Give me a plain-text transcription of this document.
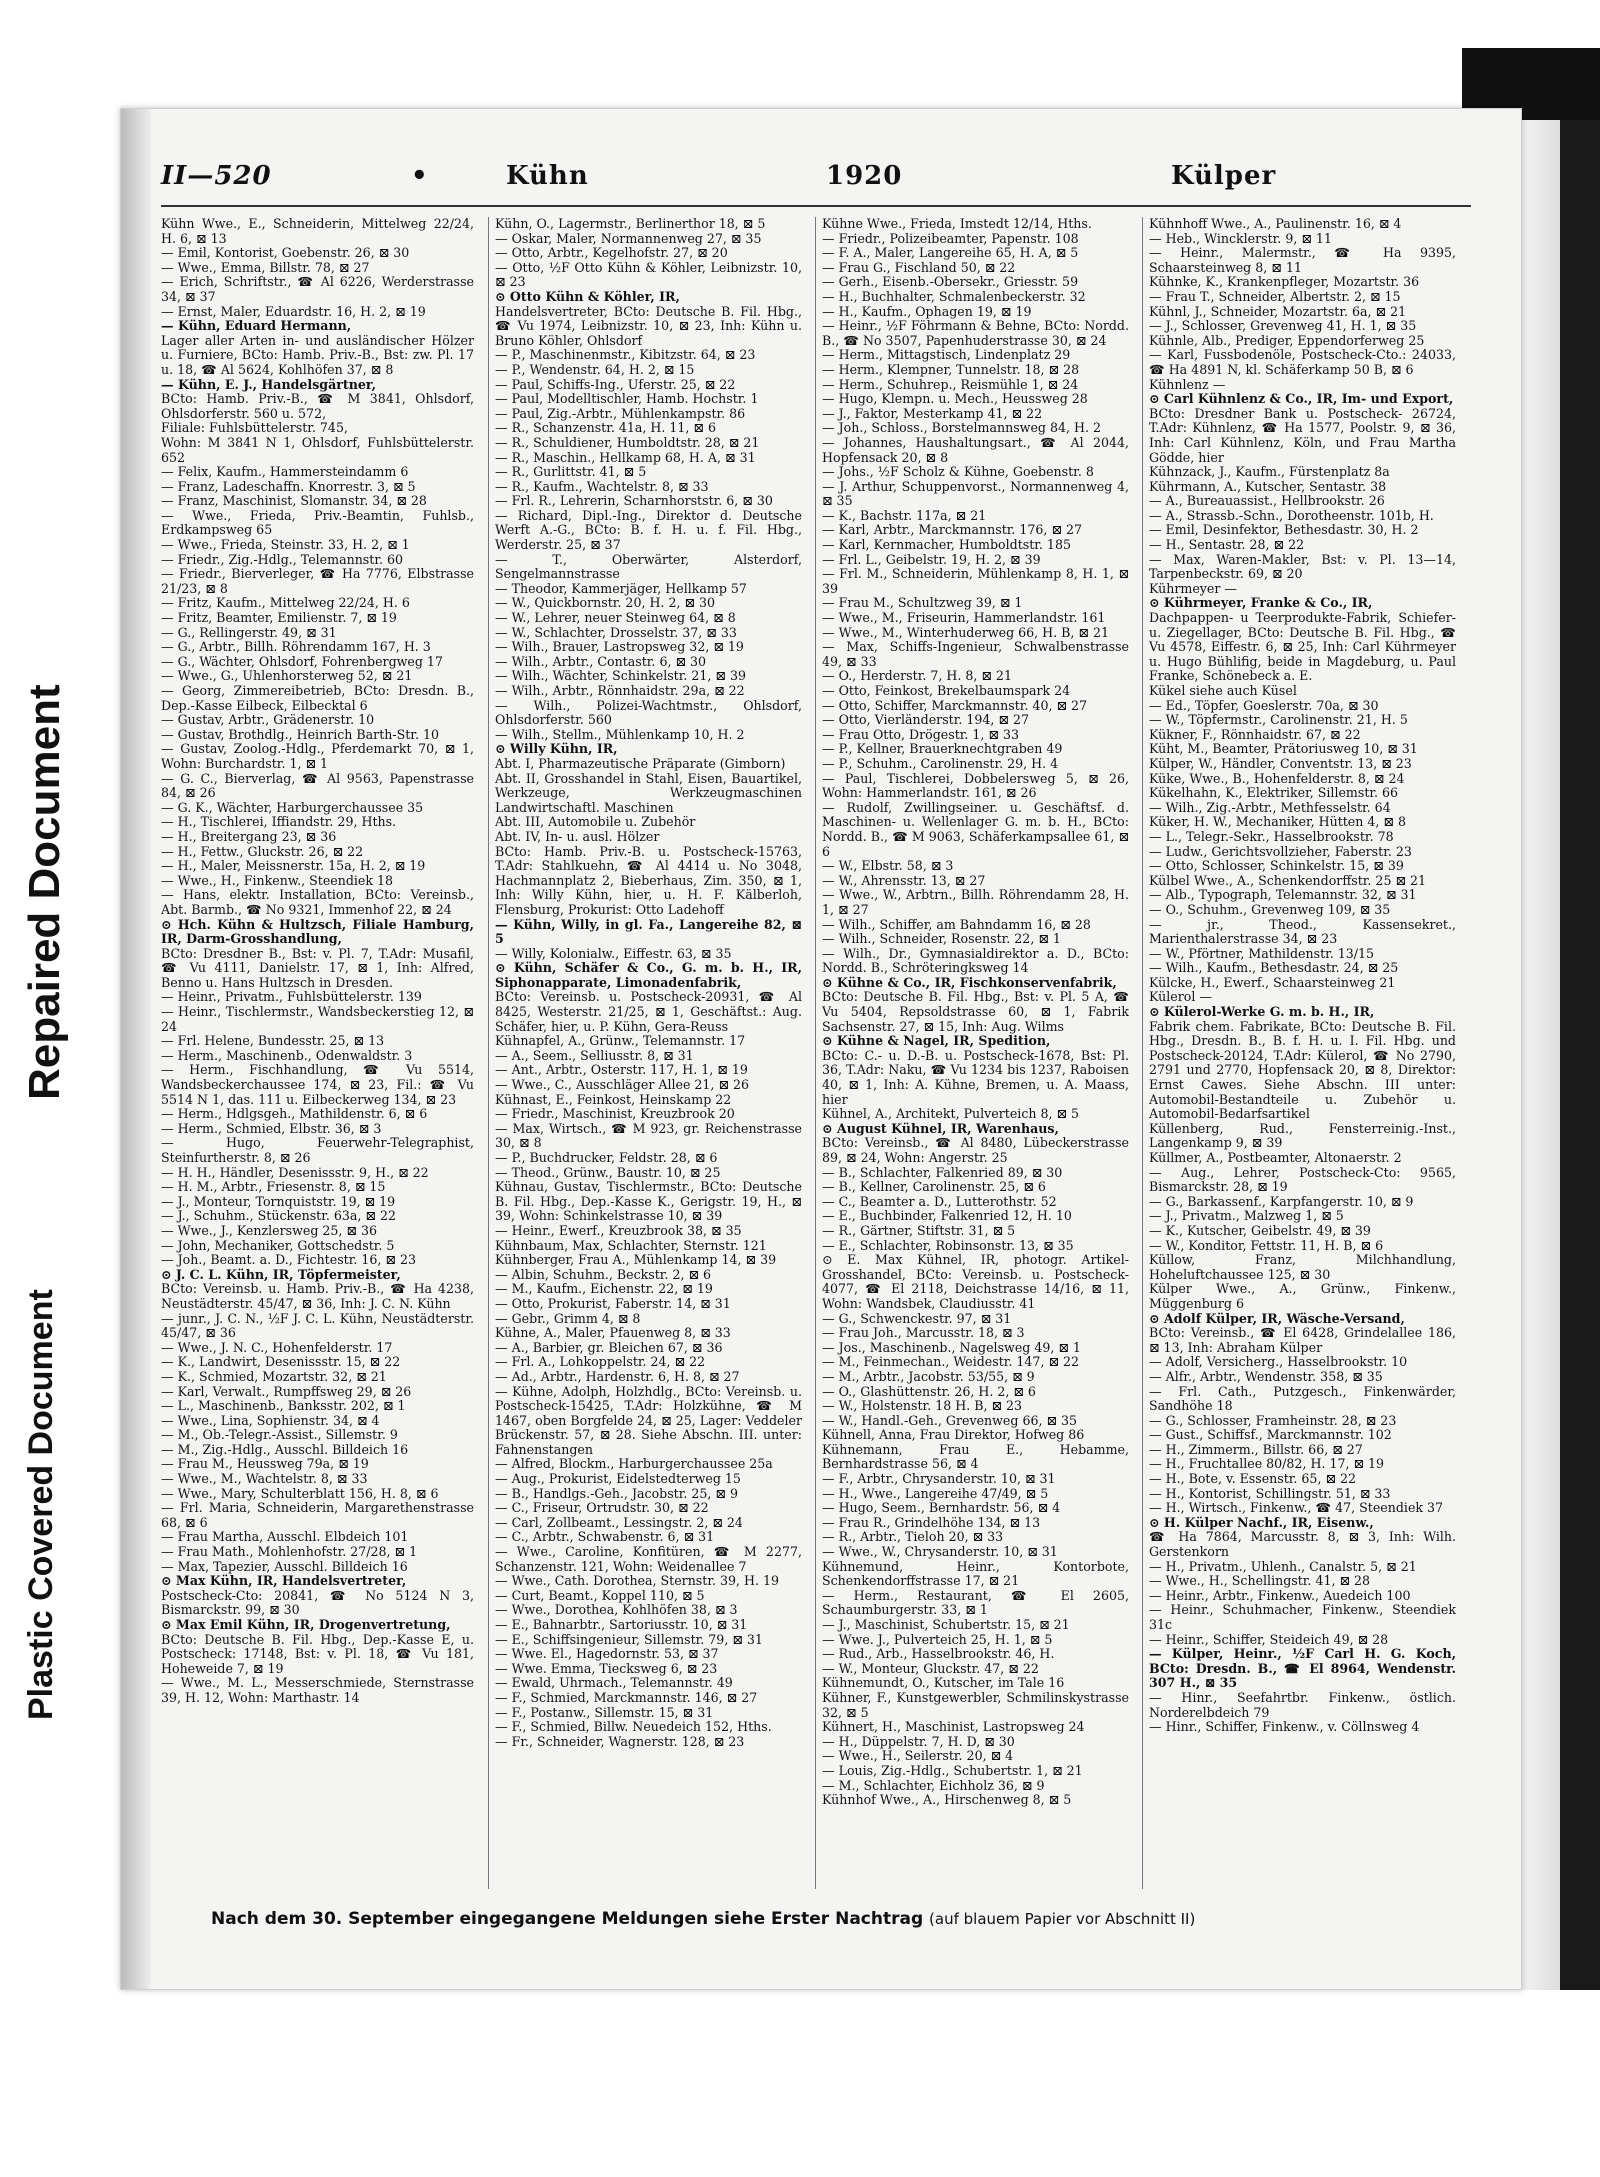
Repaired Document
Plastic Covered Document
II—520	•	Kühn	1920	Külper

Kühn Wwe., E., Schneiderin, Mittelweg 22/24, H. 6, ⊠ 13

— Emil, Kontorist, Goebenstr. 26, ⊠ 30

— Wwe., Emma, Billstr. 78, ⊠ 27

— Erich, Schriftstr., ☎ Al 6226, Werderstrasse 34, ⊠ 37

— Ernst, Maler, Eduardstr. 16, H. 2, ⊠ 19

— Kühn, Eduard Hermann,

Lager aller Arten in- und ausländischer Hölzer u. Furniere, BCto: Hamb. Priv.-B., Bst: zw. Pl. 17 u. 18, ☎ Al 5624, Kohlhöfen 37, ⊠ 8

— Kühn, E. J., Handelsgärtner,

BCto: Hamb. Priv.-B., ☎ M 3841, Ohlsdorf, Ohlsdorferstr. 560 u. 572,

Filiale: Fuhlsbüttelerstr. 745,

Wohn: M 3841 N 1, Ohlsdorf, Fuhlsbüttelerstr. 652

— Felix, Kaufm., Hammersteindamm 6

— Franz, Ladeschaffn. Knorrestr. 3, ⊠ 5

— Franz, Maschinist, Slomanstr. 34, ⊠ 28

— Wwe., Frieda, Priv.-Beamtin, Fuhlsb., Erdkampsweg 65

— Wwe., Frieda, Steinstr. 33, H. 2, ⊠ 1

— Friedr., Zig.-Hdlg., Telemannstr. 60

— Friedr., Bierverleger, ☎ Ha 7776, Elbstrasse 21/23, ⊠ 8

— Fritz, Kaufm., Mittelweg 22/24, H. 6

— Fritz, Beamter, Emilienstr. 7, ⊠ 19

— G., Rellingerstr. 49, ⊠ 31

— G., Arbtr., Billh. Röhrendamm 167, H. 3

— G., Wächter, Ohlsdorf, Fohrenbergweg 17

— Wwe., G., Uhlenhorsterweg 52, ⊠ 21

— Georg, Zimmereibetrieb, BCto: Dresdn. B., Dep.-Kasse Eilbeck, Eilbecktal 6

— Gustav, Arbtr., Grädenerstr. 10

— Gustav, Brothdlg., Heinrich Barth-Str. 10

— Gustav, Zoolog.-Hdlg., Pferdemarkt 70, ⊠ 1, Wohn: Burchardstr. 1, ⊠ 1

— G. C., Bierverlag, ☎ Al 9563, Papenstrasse 84, ⊠ 26

— G. K., Wächter, Harburgerchaussee 35

— H., Tischlerei, Iffiandstr. 29, Hths.

— H., Breitergang 23, ⊠ 36

— H., Fettw., Gluckstr. 26, ⊠ 22

— H., Maler, Meissnerstr. 15a, H. 2, ⊠ 19

— Wwe., H., Finkenw., Steendiek 18

— Hans, elektr. Installation, BCto: Vereinsb., Abt. Barmb., ☎ No 9321, Immenhof 22, ⊠ 24

⊙ Hch. Kühn & Hultzsch, Filiale Hamburg, IR, Darm-Grosshandlung,

BCto: Dresdner B., Bst: v. Pl. 7, T.Adr: Musafil, ☎ Vu 4111, Danielstr. 17, ⊠ 1, Inh: Alfred, Benno u. Hans Hultzsch in Dresden.

— Heinr., Privatm., Fuhlsbüttelerstr. 139

— Heinr., Tischlermstr., Wandsbeckerstieg 12, ⊠ 24

— Frl. Helene, Bundesstr. 25, ⊠ 13

— Herm., Maschinenb., Odenwaldstr. 3

— Herm., Fischhandlung, ☎ Vu 5514, Wandsbeckerchaussee 174, ⊠ 23, Fil.: ☎ Vu 5514 N 1, das. 111 u. Eilbeckerweg 134, ⊠ 23

— Herm., Hdlgsgeh., Mathildenstr. 6, ⊠ 6

— Herm., Schmied, Elbstr. 36, ⊠ 3

— Hugo, Feuerwehr-Telegraphist, Steinfurtherstr. 8, ⊠ 26

— H. H., Händler, Desenissstr. 9, H., ⊠ 22

— H. M., Arbtr., Friesenstr. 8, ⊠ 15

— J., Monteur, Tornquiststr. 19, ⊠ 19

— J., Schuhm., Stückenstr. 63a, ⊠ 22

— Wwe., J., Kenzlersweg 25, ⊠ 36

— John, Mechaniker, Gottschedstr. 5

— Joh., Beamt. a. D., Fichtestr. 16, ⊠ 23

⊙ J. C. L. Kühn, IR, Töpfermeister,

BCto: Vereinsb. u. Hamb. Priv.-B., ☎ Ha 4238, Neustädterstr. 45/47, ⊠ 36, Inh: J. C. N. Kühn

— junr., J. C. N., ½F J. C. L. Kühn, Neustädterstr. 45/47, ⊠ 36

— Wwe., J. N. C., Hohenfelderstr. 17

— K., Landwirt, Desenissstr. 15, ⊠ 22

— K., Schmied, Mozartstr. 32, ⊠ 21

— Karl, Verwalt., Rumpffsweg 29, ⊠ 26

— L., Maschinenb., Banksstr. 202, ⊠ 1

— Wwe., Lina, Sophienstr. 34, ⊠ 4

— M., Ob.-Telegr.-Assist., Sillemstr. 9

— M., Zig.-Hdlg., Ausschl. Billdeich 16

— Frau M., Heussweg 79a, ⊠ 19

— Wwe., M., Wachtelstr. 8, ⊠ 33

— Wwe., Mary, Schulterblatt 156, H. 8, ⊠ 6

— Frl. Maria, Schneiderin, Margarethenstrasse 68, ⊠ 6

— Frau Martha, Ausschl. Elbdeich 101

— Frau Math., Mohlenhofstr. 27/28, ⊠ 1

— Max, Tapezier, Ausschl. Billdeich 16

⊙ Max Kühn, IR, Handelsvertreter,

Postscheck-Cto: 20841, ☎ No 5124 N 3, Bismarckstr. 99, ⊠ 30

⊙ Max Emil Kühn, IR, Drogenvertretung,

BCto: Deutsche B. Fil. Hbg., Dep.-Kasse E, u. Postscheck: 17148, Bst: v. Pl. 18, ☎ Vu 181, Hoheweide 7, ⊠ 19

— Wwe., M. L., Messerschmiede, Sternstrasse 39, H. 12, Wohn: Marthastr. 14

Kühn, O., Lagermstr., Berlinerthor 18, ⊠ 5

— Oskar, Maler, Normannenweg 27, ⊠ 35

— Otto, Arbtr., Kegelhofstr. 27, ⊠ 20

— Otto, ½F Otto Kühn & Köhler, Leibnizstr. 10, ⊠ 23

⊙ Otto Kühn & Köhler, IR,

Handelsvertreter, BCto: Deutsche B. Fil. Hbg., ☎ Vu 1974, Leibnizstr. 10, ⊠ 23, Inh: Kühn u. Bruno Köhler, Ohlsdorf

— P., Maschinenmstr., Kibitzstr. 64, ⊠ 23

— P., Wendenstr. 64, H. 2, ⊠ 15

— Paul, Schiffs-Ing., Uferstr. 25, ⊠ 22

— Paul, Modelltischler, Hamb. Hochstr. 1

— Paul, Zig.-Arbtr., Mühlenkampstr. 86

— R., Schanzenstr. 41a, H. 11, ⊠ 6

— R., Schuldiener, Humboldtstr. 28, ⊠ 21

— R., Maschin., Hellkamp 68, H. A, ⊠ 31

— R., Gurlittstr. 41, ⊠ 5

— R., Kaufm., Wachtelstr. 8, ⊠ 33

— Frl. R., Lehrerin, Scharnhorststr. 6, ⊠ 30

— Richard, Dipl.-Ing., Direktor d. Deutsche Werft A.-G., BCto: B. f. H. u. f. Fil. Hbg., Werderstr. 25, ⊠ 37

— T., Oberwärter, Alsterdorf, Sengelmannstrasse

— Theodor, Kammerjäger, Hellkamp 57

— W., Quickbornstr. 20, H. 2, ⊠ 30

— W., Lehrer, neuer Steinweg 64, ⊠ 8

— W., Schlachter, Drosselstr. 37, ⊠ 33

— Wilh., Brauer, Lastropsweg 32, ⊠ 19

— Wilh., Arbtr., Contastr. 6, ⊠ 30

— Wilh., Wächter, Schinkelstr. 21, ⊠ 39

— Wilh., Arbtr., Rönnhaidstr. 29a, ⊠ 22

— Wilh., Polizei-Wachtmstr., Ohlsdorf, Ohlsdorferstr. 560

— Wilh., Stellm., Mühlenkamp 10, H. 2

⊙ Willy Kühn, IR,

Abt. I, Pharmazeutische Präparate (Gimborn)

Abt. II, Grosshandel in Stahl, Eisen, Bauartikel, Werkzeuge, Werkzeugmaschinen Landwirtschaftl. Maschinen

Abt. III, Automobile u. Zubehör

Abt. IV, In- u. ausl. Hölzer

BCto: Hamb. Priv.-B. u. Postscheck-15763, T.Adr: Stahlkuehn, ☎ Al 4414 u. No 3048, Hachmannplatz 2, Bieberhaus, Zim. 350, ⊠ 1, Inh: Willy Kühn, hier, u. H. F. Kälberloh, Flensburg, Prokurist: Otto Ladehoff

— Kühn, Willy, in gl. Fa., Langereihe 82, ⊠ 5

— Willy, Kolonialw., Eiffestr. 63, ⊠ 35

⊙ Kühn, Schäfer & Co., G. m. b. H., IR, Siphonapparate, Limonadenfabrik,

BCto: Vereinsb. u. Postscheck-20931, ☎ Al 8425, Westerstr. 21/25, ⊠ 1, Geschäftst.: Aug. Schäfer, hier, u. P. Kühn, Gera-Reuss

Kühnapfel, A., Grünw., Telemannstr. 17

— A., Seem., Selliusstr. 8, ⊠ 31

— Ant., Arbtr., Osterstr. 117, H. 1, ⊠ 19

— Wwe., C., Ausschläger Allee 21, ⊠ 26

Kühnast, E., Feinkost, Heinskamp 22

— Friedr., Maschinist, Kreuzbrook 20

— Max, Wirtsch., ☎ M 923, gr. Reichenstrasse 30, ⊠ 8

— P., Buchdrucker, Feldstr. 28, ⊠ 6

— Theod., Grünw., Baustr. 10, ⊠ 25

Kühnau, Gustav, Tischlermstr., BCto: Deutsche B. Fil. Hbg., Dep.-Kasse K., Gerigstr. 19, H., ⊠ 39, Wohn: Schinkelstrasse 10, ⊠ 39

— Heinr., Ewerf., Kreuzbrook 38, ⊠ 35

Kühnbaum, Max, Schlachter, Sternstr. 121

Kühnberger, Frau A., Mühlenkamp 14, ⊠ 39

— Albin, Schuhm., Beckstr. 2, ⊠ 6

— M., Kaufm., Eichenstr. 22, ⊠ 19

— Otto, Prokurist, Faberstr. 14, ⊠ 31

— Gebr., Grimm 4, ⊠ 8

Kühne, A., Maler, Pfauenweg 8, ⊠ 33

— A., Barbier, gr. Bleichen 67, ⊠ 36

— Frl. A., Lohkoppelstr. 24, ⊠ 22

— Ad., Arbtr., Hardenstr. 6, H. 8, ⊠ 27

— Kühne, Adolph, Holzhdlg., BCto: Vereinsb. u. Postscheck-15425, T.Adr: Holzkühne, ☎ M 1467, oben Borgfelde 24, ⊠ 25, Lager: Veddeler Brückenstr. 57, ⊠ 28. Siehe Abschn. III. unter: Fahnenstangen

— Alfred, Blockm., Harburgerchaussee 25a

— Aug., Prokurist, Eidelstedterweg 15

— B., Handlgs.-Geh., Jacobstr. 25, ⊠ 9

— C., Friseur, Ortrudstr. 30, ⊠ 22

— Carl, Zollbeamt., Lessingstr. 2, ⊠ 24

— C., Arbtr., Schwabenstr. 6, ⊠ 31

— Wwe., Caroline, Konfitüren, ☎ M 2277, Schanzenstr. 121, Wohn: Weidenallee 7

— Wwe., Cath. Dorothea, Sternstr. 39, H. 19

— Curt, Beamt., Koppel 110, ⊠ 5

— Wwe., Dorothea, Kohlhöfen 38, ⊠ 3

— E., Bahnarbtr., Sartoriusstr. 10, ⊠ 31

— E., Schiffsingenieur, Sillemstr. 79, ⊠ 31

— Wwe. El., Hagedornstr. 53, ⊠ 37

— Wwe. Emma, Tiecksweg 6, ⊠ 23

— Ewald, Uhrmach., Telemannstr. 49

— F., Schmied, Marckmannstr. 146, ⊠ 27

— F., Postanw., Sillemstr. 15, ⊠ 31

— F., Schmied, Billw. Neuedeich 152, Hths.

— Fr., Schneider, Wagnerstr. 128, ⊠ 23

Kühne Wwe., Frieda, Imstedt 12/14, Hths.

— Friedr., Polizeibeamter, Papenstr. 108

— F. A., Maler, Langereihe 65, H. A, ⊠ 5

— Frau G., Fischland 50, ⊠ 22

— Gerh., Eisenb.-Obersekr., Griesstr. 59

— H., Buchhalter, Schmalenbeckerstr. 32

— H., Kaufm., Ophagen 19, ⊠ 19

— Heinr., ½F Föhrmann & Behne, BCto: Nordd. B., ☎ No 3507, Papenhuderstrasse 30, ⊠ 24

— Herm., Mittagstisch, Lindenplatz 29

— Herm., Klempner, Tunnelstr. 18, ⊠ 28

— Herm., Schuhrep., Reismühle 1, ⊠ 24

— Hugo, Klempn. u. Mech., Heussweg 28

— J., Faktor, Mesterkamp 41, ⊠ 22

— Joh., Schloss., Borstelmannsweg 84, H. 2

— Johannes, Haushaltungsart., ☎ Al 2044, Hopfensack 20, ⊠ 8

— Johs., ½F Scholz & Kühne, Goebenstr. 8

— J. Arthur, Schuppenvorst., Normannenweg 4, ⊠ 35

— K., Bachstr. 117a, ⊠ 21

— Karl, Arbtr., Marckmannstr. 176, ⊠ 27

— Karl, Kernmacher, Humboldtstr. 185

— Frl. L., Geibelstr. 19, H. 2, ⊠ 39

— Frl. M., Schneiderin, Mühlenkamp 8, H. 1, ⊠ 39

— Frau M., Schultzweg 39, ⊠ 1

— Wwe., M., Friseurin, Hammerlandstr. 161

— Wwe., M., Winterhuderweg 66, H. B, ⊠ 21

— Max, Schiffs-Ingenieur, Schwalbenstrasse 49, ⊠ 33

— O., Herderstr. 7, H. 8, ⊠ 21

— Otto, Feinkost, Brekelbaumspark 24

— Otto, Schiffer, Marckmannstr. 40, ⊠ 27

— Otto, Vierländerstr. 194, ⊠ 27

— Frau Otto, Drögestr. 1, ⊠ 33

— P., Kellner, Brauerknechtgraben 49

— P., Schuhm., Carolinenstr. 29, H. 4

— Paul, Tischlerei, Dobbelersweg 5, ⊠ 26, Wohn: Hammerlandstr. 161, ⊠ 26

— Rudolf, Zwillingseiner. u. Geschäftsf. d. Maschinen- u. Wellenlager G. m. b. H., BCto: Nordd. B., ☎ M 9063, Schäferkampsallee 61, ⊠ 6

— W., Elbstr. 58, ⊠ 3

— W., Ahrensstr. 13, ⊠ 27

— Wwe., W., Arbtrn., Billh. Röhrendamm 28, H. 1, ⊠ 27

— Wilh., Schiffer, am Bahndamm 16, ⊠ 28

— Wilh., Schneider, Rosenstr. 22, ⊠ 1

— Wilh., Dr., Gymnasialdirektor a. D., BCto: Nordd. B., Schröteringksweg 14

⊙ Kühne & Co., IR, Fischkonservenfabrik,

BCto: Deutsche B. Fil. Hbg., Bst: v. Pl. 5 A, ☎ Vu 5404, Repsoldstrasse 60, ⊠ 1, Fabrik Sachsenstr. 27, ⊠ 15, Inh: Aug. Wilms

⊙ Kühne & Nagel, IR, Spedition,

BCto: C.- u. D.-B. u. Postscheck-1678, Bst: Pl. 36, T.Adr: Naku, ☎ Vu 1234 bis 1237, Raboisen 40, ⊠ 1, Inh: A. Kühne, Bremen, u. A. Maass, hier

Kühnel, A., Architekt, Pulverteich 8, ⊠ 5

⊙ August Kühnel, IR, Warenhaus,

BCto: Vereinsb., ☎ Al 8480, Lübeckerstrasse 89, ⊠ 24, Wohn: Angerstr. 25

— B., Schlachter, Falkenried 89, ⊠ 30

— B., Kellner, Carolinenstr. 25, ⊠ 6

— C., Beamter a. D., Lutterothstr. 52

— E., Buchbinder, Falkenried 12, H. 10

— R., Gärtner, Stiftstr. 31, ⊠ 5

— E., Schlachter, Robinsonstr. 13, ⊠ 35

⊙ E. Max Kühnel, IR, photogr. Artikel-Grosshandel, BCto: Vereinsb. u. Postscheck-4077, ☎ El 2118, Deichstrasse 14/16, ⊠ 11, Wohn: Wandsbek, Claudiusstr. 41

— G., Schwenckestr. 97, ⊠ 31

— Frau Joh., Marcusstr. 18, ⊠ 3

— Jos., Maschinenb., Nagelsweg 49, ⊠ 1

— M., Feinmechan., Weidestr. 147, ⊠ 22

— M., Arbtr., Jacobstr. 53/55, ⊠ 9

— O., Glashüttenstr. 26, H. 2, ⊠ 6

— W., Holstenstr. 18 H. B, ⊠ 23

— W., Handl.-Geh., Grevenweg 66, ⊠ 35

Kühnell, Anna, Frau Direktor, Hofweg 86

Kühnemann, Frau E., Hebamme, Bernhardstrasse 56, ⊠ 4

— F., Arbtr., Chrysanderstr. 10, ⊠ 31

— H., Wwe., Langereihe 47/49, ⊠ 5

— Hugo, Seem., Bernhardstr. 56, ⊠ 4

— Frau R., Grindelhöhe 134, ⊠ 13

— R., Arbtr., Tieloh 20, ⊠ 33

— Wwe., W., Chrysanderstr. 10, ⊠ 31

Kühnemund, Heinr., Kontorbote, Schenkendorffstrasse 17, ⊠ 21

— Herm., Restaurant, ☎ El 2605, Schaumburgerstr. 33, ⊠ 1

— J., Maschinist, Schubertstr. 15, ⊠ 21

— Wwe. J., Pulverteich 25, H. 1, ⊠ 5

— Rud., Arb., Hasselbrookstr. 46, H.

— W., Monteur, Gluckstr. 47, ⊠ 22

Kühnemundt, O., Kutscher, im Tale 16

Kühner, F., Kunstgewerbler, Schmilinskystrasse 32, ⊠ 5

Kühnert, H., Maschinist, Lastropsweg 24

— H., Düppelstr. 7, H. D, ⊠ 30

— Wwe., H., Seilerstr. 20, ⊠ 4

— Louis, Zig.-Hdlg., Schubertstr. 1, ⊠ 21

— M., Schlachter, Eichholz 36, ⊠ 9

Kühnhof Wwe., A., Hirschenweg 8, ⊠ 5

Kühnhoff Wwe., A., Paulinenstr. 16, ⊠ 4

— Heb., Wincklerstr. 9, ⊠ 11

— Heinr., Malermstr., ☎ Ha 9395, Schaarsteinweg 8, ⊠ 11

Kühnke, K., Krankenpfleger, Mozartstr. 36

— Frau T., Schneider, Albertstr. 2, ⊠ 15

Kühnl, J., Schneider, Mozartstr. 6a, ⊠ 21

— J., Schlosser, Grevenweg 41, H. 1, ⊠ 35

Kühnle, Alb., Prediger, Eppendorferweg 25

— Karl, Fussbodenöle, Postscheck-Cto.: 24033, ☎ Ha 4891 N, kl. Schäferkamp 50 B, ⊠ 6

Kühnlenz —

⊙ Carl Kühnlenz & Co., IR, Im- und Export,

BCto: Dresdner Bank u. Postscheck- 26724, T.Adr: Kühnlenz, ☎ Ha 1577, Poolstr. 9, ⊠ 36, Inh: Carl Kühnlenz, Köln, und Frau Martha Gödde, hier

Kühnzack, J., Kaufm., Fürstenplatz 8a

Kührmann, A., Kutscher, Sentastr. 38

— A., Bureauassist., Hellbrookstr. 26

— A., Strassb.-Schn., Dorotheenstr. 101b, H.

— Emil, Desinfektor, Bethesdastr. 30, H. 2

— H., Sentastr. 28, ⊠ 22

— Max, Waren-Makler, Bst: v. Pl. 13—14, Tarpenbeckstr. 69, ⊠ 20

Kührmeyer —

⊙ Kührmeyer, Franke & Co., IR,

Dachpappen- u Teerprodukte-Fabrik, Schiefer- u. Ziegellager, BCto: Deutsche B. Fil. Hbg., ☎ Vu 4578, Eiffestr. 6, ⊠ 25, Inh: Carl Kührmeyer u. Hugo Bühlifig, beide in Magdeburg, u. Paul Franke, Schönebeck a. E.

Kükel siehe auch Küsel

— Ed., Töpfer, Goeslerstr. 70a, ⊠ 30

— W., Töpfermstr., Carolinenstr. 21, H. 5

Kükner, F., Rönnhaidstr. 67, ⊠ 22

Küht, M., Beamter, Prätoriusweg 10, ⊠ 31

Külper, W., Händler, Conventstr. 13, ⊠ 23

Küke, Wwe., B., Hohenfelderstr. 8, ⊠ 24

Kükelhahn, K., Elektriker, Sillemstr. 66

— Wilh., Zig.-Arbtr., Methfesselstr. 64

Küker, H. W., Mechaniker, Hütten 4, ⊠ 8

— L., Telegr.-Sekr., Hasselbrookstr. 78

— Ludw., Gerichtsvollzieher, Faberstr. 23

— Otto, Schlosser, Schinkelstr. 15, ⊠ 39

Külbel Wwe., A., Schenkendorffstr. 25 ⊠ 21

— Alb., Typograph, Telemannstr. 32, ⊠ 31

— O., Schuhm., Grevenweg 109, ⊠ 35

— jr., Theod., Kassensekret., Marienthalerstrasse 34, ⊠ 23

— W., Pförtner, Mathildenstr. 13/15

— Wilh., Kaufm., Bethesdastr. 24, ⊠ 25

Külcke, H., Ewerf., Schaarsteinweg 21

Külerol —

⊙ Külerol-Werke G. m. b. H., IR,

Fabrik chem. Fabrikate, BCto: Deutsche B. Fil. Hbg., Dresdn. B., B. f. H. u. I. Fil. Hbg. und Postscheck-20124, T.Adr: Külerol, ☎ No 2790, 2791 und 2770, Hopfensack 20, ⊠ 8, Direktor: Ernst Cawes. Siehe Abschn. III unter: Automobil-Bestandteile u. Zubehör u. Automobil-Bedarfsartikel

Küllenberg, Rud., Fensterreinig.-Inst., Langenkamp 9, ⊠ 39

Küllmer, A., Postbeamter, Altonaerstr. 2

— Aug., Lehrer, Postscheck-Cto: 9565, Bismarckstr. 28, ⊠ 19

— G., Barkassenf., Karpfangerstr. 10, ⊠ 9

— J., Privatm., Malzweg 1, ⊠ 5

— K., Kutscher, Geibelstr. 49, ⊠ 39

— W., Konditor, Fettstr. 11, H. B, ⊠ 6

Küllow, Franz, Milchhandlung, Hoheluftchaussee 125, ⊠ 30

Külper Wwe., A., Grünw., Finkenw., Müggenburg 6

⊙ Adolf Külper, IR, Wäsche-Versand,

BCto: Vereinsb., ☎ El 6428, Grindelallee 186, ⊠ 13, Inh: Abraham Külper

— Adolf, Versicherg., Hasselbrookstr. 10

— Alfr., Arbtr., Wendenstr. 358, ⊠ 35

— Frl. Cath., Putzgesch., Finkenwärder, Sandhöhe 18

— G., Schlosser, Framheinstr. 28, ⊠ 23

— Gust., Schiffsf., Marckmannstr. 102

— H., Zimmerm., Billstr. 66, ⊠ 27

— H., Fruchtallee 80/82, H. 17, ⊠ 19

— H., Bote, v. Essenstr. 65, ⊠ 22

— H., Kontorist, Schillingstr. 51, ⊠ 33

— H., Wirtsch., Finkenw., ☎ 47, Steendiek 37

⊙ H. Külper Nachf., IR, Eisenw.,

☎ Ha 7864, Marcusstr. 8, ⊠ 3, Inh: Wilh. Gerstenkorn

— H., Privatm., Uhlenh., Canalstr. 5, ⊠ 21

— Wwe., H., Schellingstr. 41, ⊠ 28

— Heinr., Arbtr., Finkenw., Auedeich 100

— Heinr., Schuhmacher, Finkenw., Steendiek 31c

— Heinr., Schiffer, Steideich 49, ⊠ 28

— Külper, Heinr., ½F Carl H. G. Koch, BCto: Dresdn. B., ☎ El 8964, Wendenstr. 307 H., ⊠ 35

— Hinr., Seefahrtbr. Finkenw., östlich. Norderelbdeich 79

— Hinr., Schiffer, Finkenw., v. Cöllnsweg 4

Nach dem 30. September eingegangene Meldungen siehe Erster Nachtrag (auf blauem Papier vor Abschnitt II)
